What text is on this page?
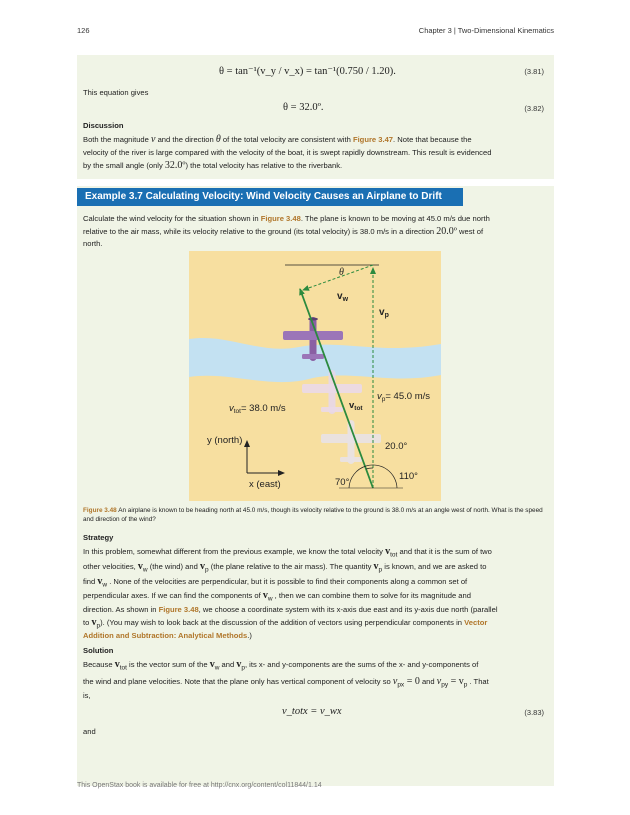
126	Chapter 3 | Two-Dimensional Kinematics
θ = tan⁻¹(v_y / v_x) = tan⁻¹(0.750 / 1.20).	(3.81)
This equation gives
θ = 32.0º.	(3.82)
Discussion
Both the magnitude v and the direction θ of the total velocity are consistent with Figure 3.47. Note that because the
velocity of the river is large compared with the velocity of the boat, it is swept rapidly downstream. This result is evidenced
by the small angle (only 32.0º) the total velocity has relative to the riverbank.
Example 3.7 Calculating Velocity: Wind Velocity Causes an Airplane to Drift
Calculate the wind velocity for the situation shown in Figure 3.48. The plane is known to be moving at 45.0 m/s due north
relative to the air mass, while its velocity relative to the ground (its total velocity) is 38.0 m/s in a direction 20.0º west of
north.
θ
$v_w$
$v_p$
$v_{tot}= 38.0$ m/s	$v_{tot}$
$v_p= 45.0$ m/s
y (north)
x (east)
20.0°
70°
110°
Figure 3.48 An airplane is known to be heading north at 45.0 m/s, though its velocity relative to the ground is 38.0 m/s at an angle west of north. What is the speed and direction of the wind?
Strategy
In this problem, somewhat different from the previous example, we know the total velocity $v_{tot}$ and that it is the sum of two
other velocities, $v_w$ (the wind) and $v_p$ (the plane relative to the air mass). The quantity $v_p$ is known, and we are asked to
find $v_w$ . None of the velocities are perpendicular, but it is possible to find their components along a common set of
perpendicular axes. If we can find the components of $v_w$ , then we can combine them to solve for its magnitude and
direction. As shown in Figure 3.48, we choose a coordinate system with its x-axis due east and its y-axis due north (parallel
to $v_p$). (You may wish to look back at the discussion of the addition of vectors using perpendicular components in Vector
Addition and Subtraction: Analytical Methods.)
Solution
Because $v_{tot}$ is the vector sum of the $v_w$ and $v_p$, its x- and y-components are the sums of the x- and y-components of
the wind and plane velocities. Note that the plane only has vertical component of velocity so $v_{px} = 0$ and $v_{py} = v_p$ . That
is,
v_totx = v_wx	(3.83)
and
This OpenStax book is available for free at http://cnx.org/content/col11844/1.14
